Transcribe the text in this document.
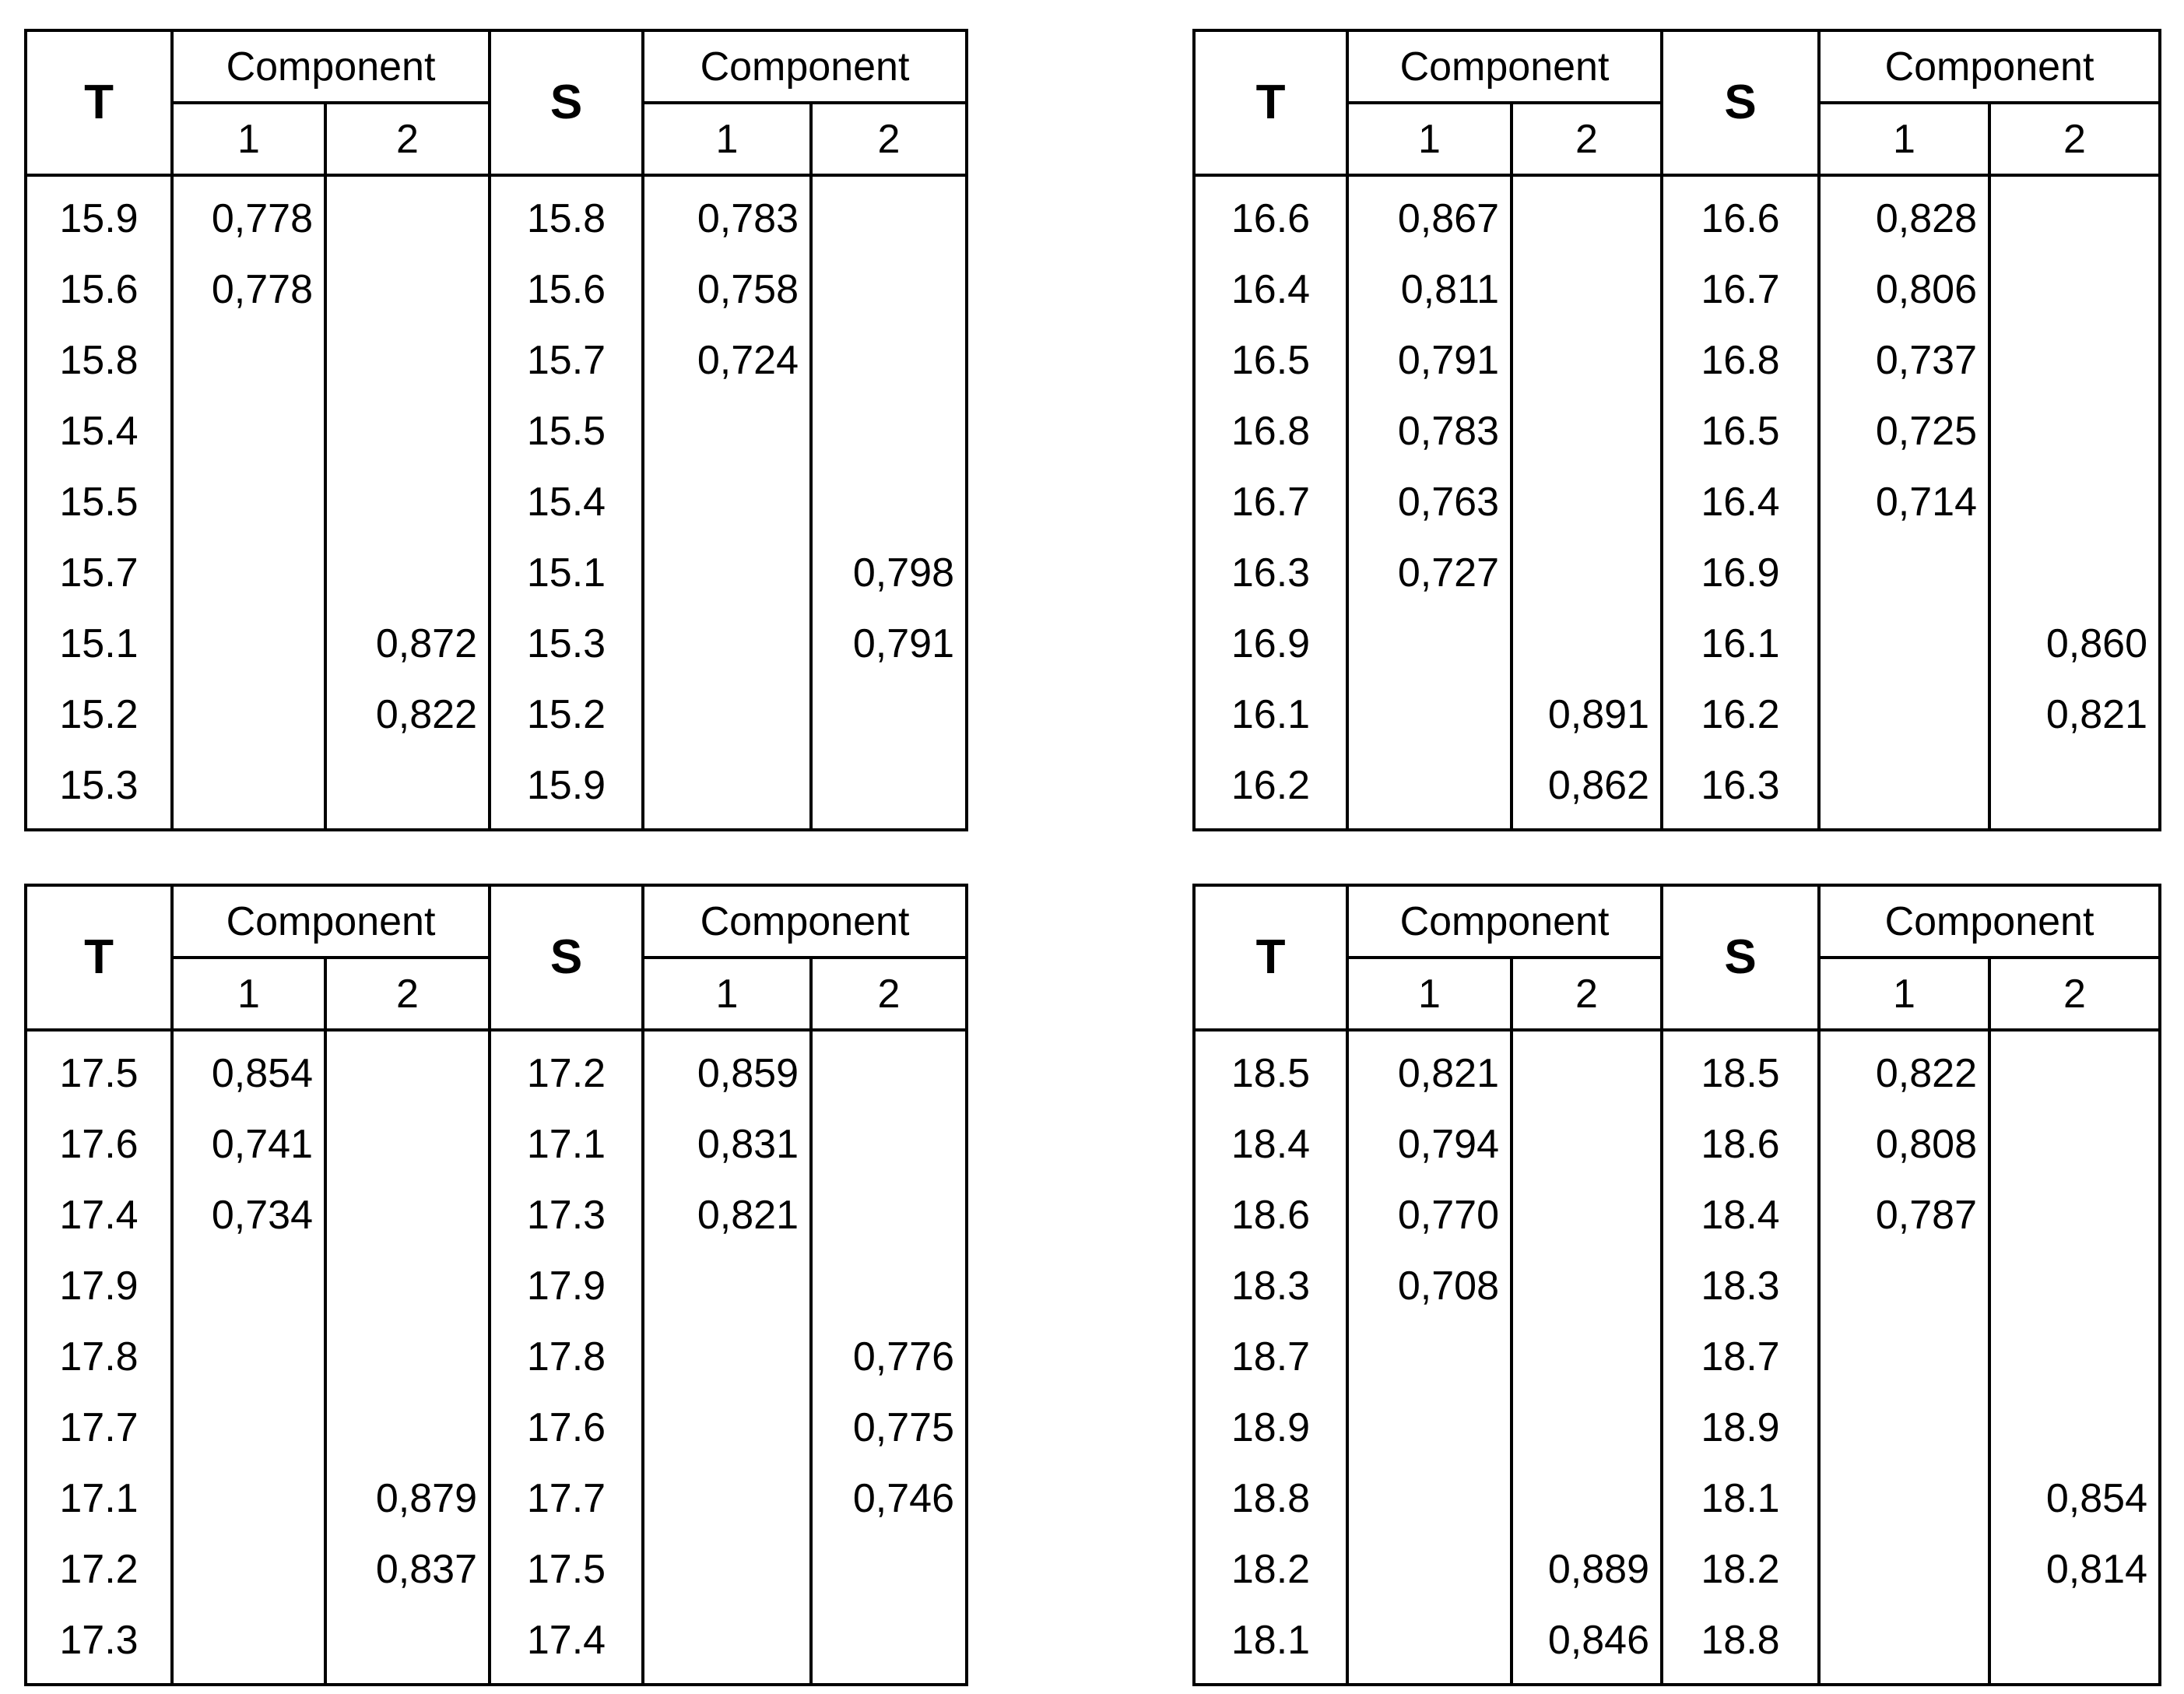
T	Component		S	Component	
	1	2		1	2
15.9	0,778		15.8	0,783	
15.6	0,778		15.6	0,758	
15.8			15.7	0,724	
15.4			15.5		
15.5			15.4		
15.7			15.1		0,798
15.1		0,872	15.3		0,791
15.2		0,822	15.2		
15.3			15.9		
T	Component		S	Component	
	1	2		1	2
16.6	0,867		16.6	0,828	
16.4	0,811		16.7	0,806	
16.5	0,791		16.8	0,737	
16.8	0,783		16.5	0,725	
16.7	0,763		16.4	0,714	
16.3	0,727		16.9		
16.9			16.1		0,860
16.1		0,891	16.2		0,821
16.2		0,862	16.3		
T	Component		S	Component	
	1	2		1	2
17.5	0,854		17.2	0,859	
17.6	0,741		17.1	0,831	
17.4	0,734		17.3	0,821	
17.9			17.9		
17.8			17.8		0,776
17.7			17.6		0,775
17.1		0,879	17.7		0,746
17.2		0,837	17.5		
17.3			17.4		
T	Component		S	Component	
	1	2		1	2
18.5	0,821		18.5	0,822	
18.4	0,794		18.6	0,808	
18.6	0,770		18.4	0,787	
18.3	0,708		18.3		
18.7			18.7		
18.9			18.9		
18.8			18.1		0,854
18.2		0,889	18.2		0,814
18.1		0,846	18.8		
